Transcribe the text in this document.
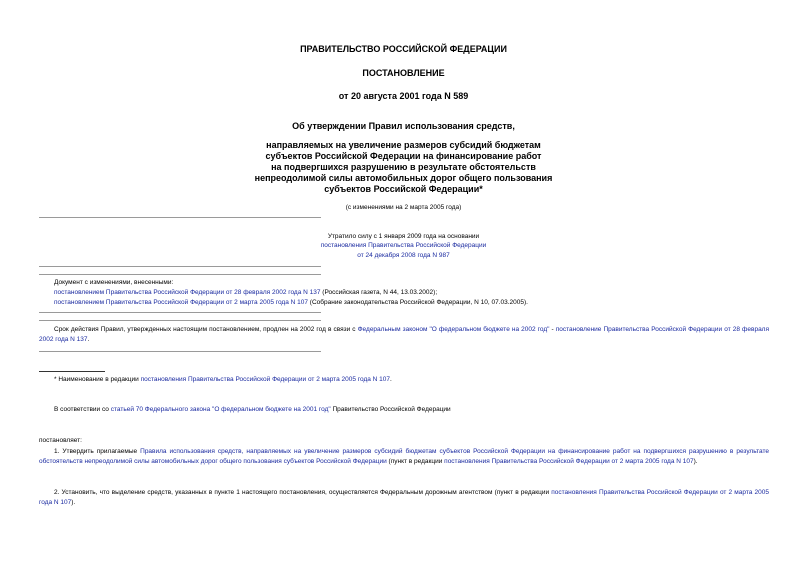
ПРАВИТЕЛЬСТВО РОССИЙСКОЙ ФЕДЕРАЦИИ
ПОСТАНОВЛЕНИЕ
от 20 августа 2001 года N 589
Об утверждении Правил использования средств,
направляемых на увеличение размеров субсидий бюджетам
субъектов Российской Федерации на финансирование работ
на подвергшихся разрушению в результате обстоятельств
непреодолимой силы автомобильных дорог общего пользования
субъектов Российской Федерации*
(с изменениями на 2 марта 2005 года)
Утратило силу с 1 января 2009 года на основании
постановления Правительства Российской Федерации
от 24 декабря 2008 года N 987
Документ с изменениями, внесенными:
постановлением Правительства Российской Федерации от 28 февраля 2002 года N 137 (Российская газета, N 44, 13.03.2002);
постановлением Правительства Российской Федерации от 2 марта 2005 года N 107 (Собрание законодательства Российской Федерации, N 10, 07.03.2005).
Срок действия Правил, утвержденных настоящим постановлением, продлен на 2002 год в связи с Федеральным законом "О федеральном бюджете на 2002 год" - постановление Правительства Российской Федерации от 28 февраля 2002 года N 137.
* Наименование в редакции постановления Правительства Российской Федерации от 2 марта 2005 года N 107.
В соответствии со статьей 70 Федерального закона "О федеральном бюджете на 2001 год" Правительство Российской Федерации
постановляет:
1. Утвердить прилагаемые Правила использования средств, направляемых на увеличение размеров субсидий бюджетам субъектов Российской Федерации на финансирование работ на подвергшихся разрушению в результате обстоятельств непреодолимой силы автомобильных дорог общего пользования субъектов Российской Федерации (пункт в редакции постановления Правительства Российской Федерации от 2 марта 2005 года N 107).
2. Установить, что выделение средств, указанных в пункте 1 настоящего постановления, осуществляется Федеральным дорожным агентством (пункт в редакции постановления Правительства Российской Федерации от 2 марта 2005 года N 107).
